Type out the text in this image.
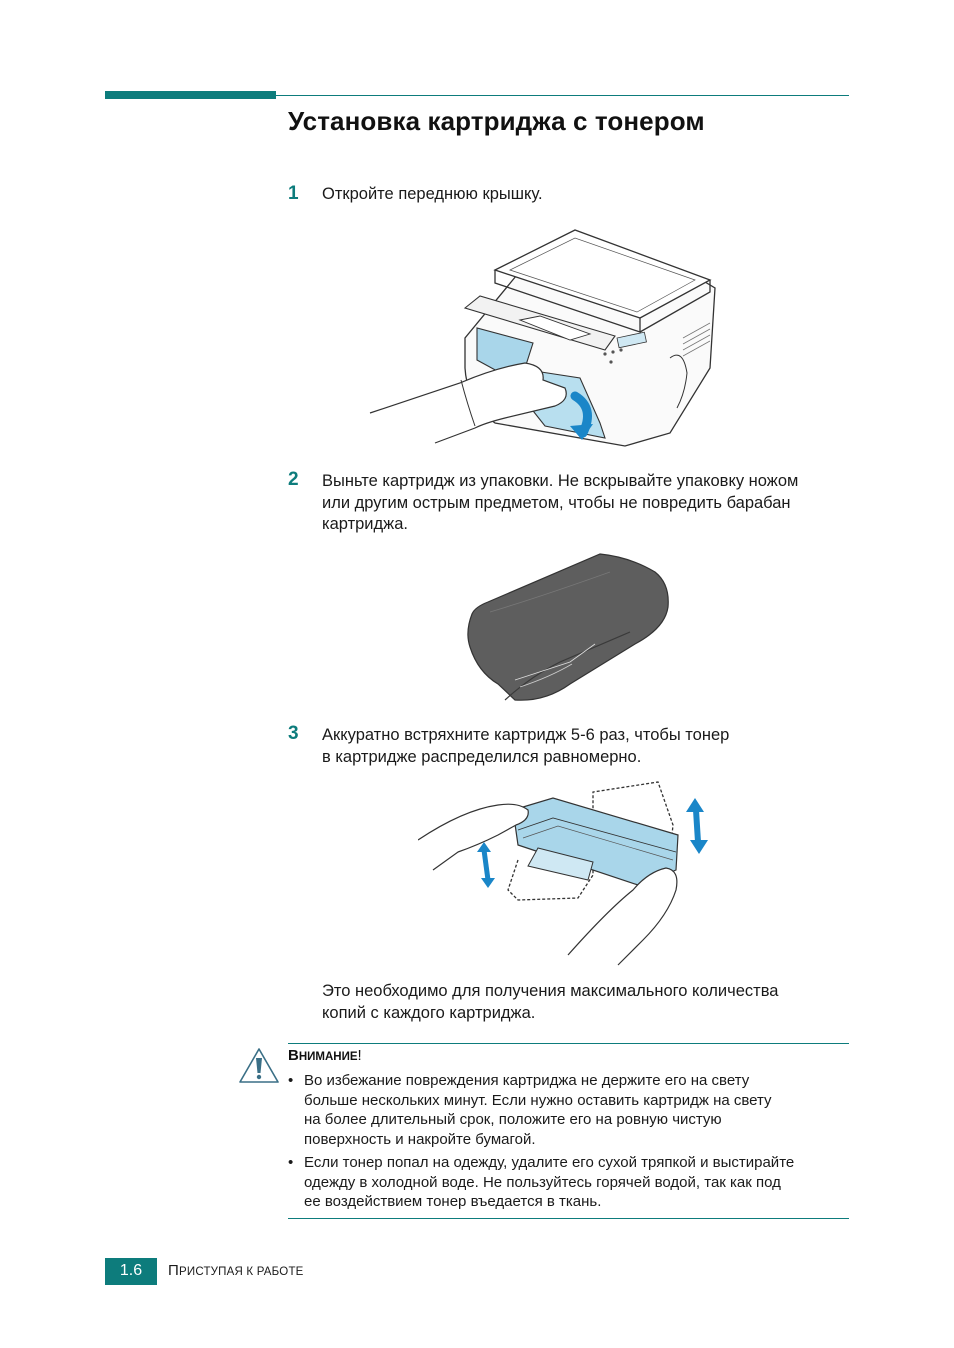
Установка картриджа с тонером
1 Откройте переднюю крышку.
2 Выньте картридж из упаковки. Не вскрывайте упаковку ножом
или другим острым предметом, чтобы не повредить барабан
картриджа.
3 Аккуратно встряхните картридж 5-6 раз, чтобы тонер
в картридже распределился равномерно.
Это необходимо для получения максимального количества
копий с каждого картриджа.
ВНИМАНИЕ!
• Во избежание повреждения картриджа не держите его на свету
больше нескольких минут. Если нужно оставить картридж на свету
на более длительный срок, положите его на ровную чистую
поверхность и накройте бумагой.
• Если тонер попал на одежду, удалите его сухой тряпкой и выстирайте
одежду в холодной воде. Не пользуйтесь горячей водой, так как под
ее воздействием тонер въедается в ткань.
1.6	ПРИСТУПАЯ К РАБОТЕ
